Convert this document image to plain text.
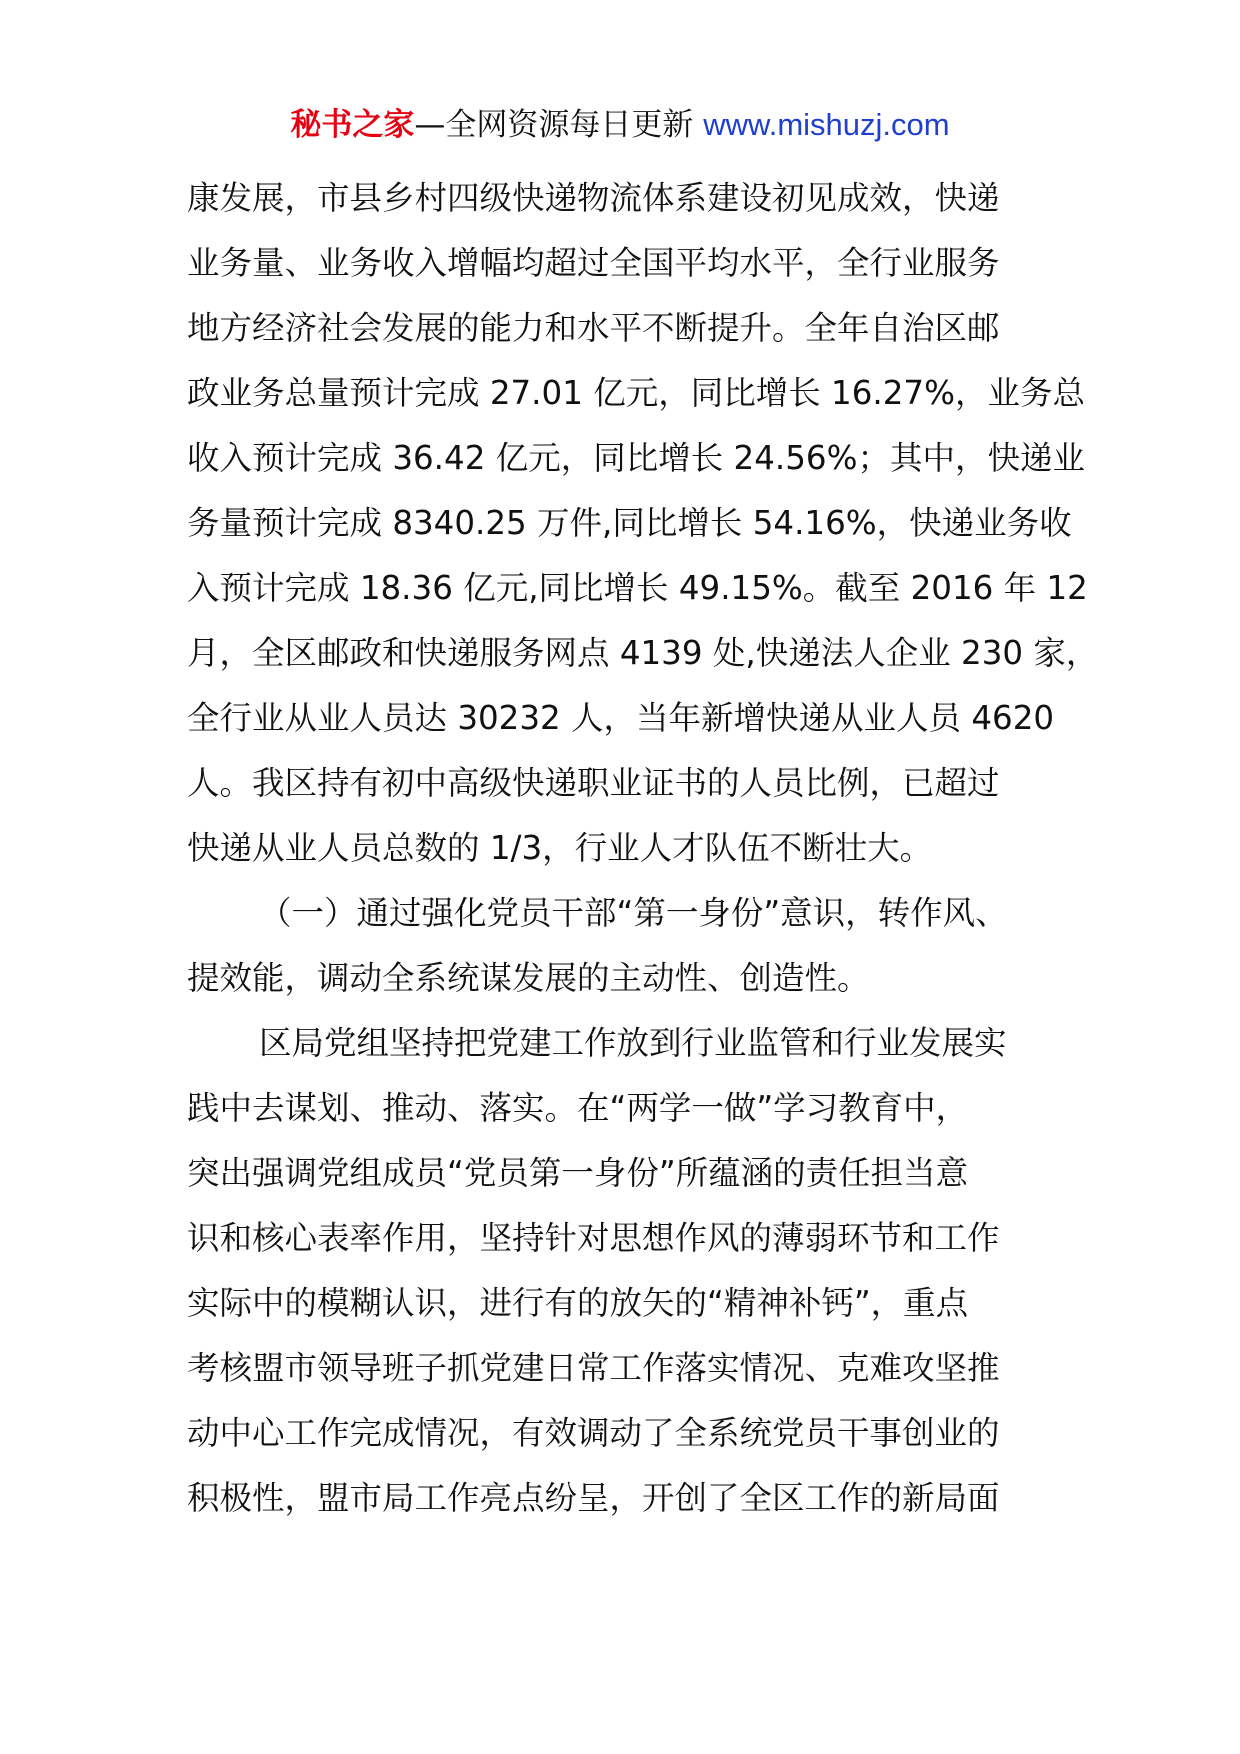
秘书之家—全网资源每日更新 www.mishuzj.com
康发展，市县乡村四级快递物流体系建设初见成效，快递
业务量、业务收入增幅均超过全国平均水平，全行业服务
地方经济社会发展的能力和水平不断提升。全年自治区邮
政业务总量预计完成 27.01 亿元，同比增长 16.27%，业务总
收入预计完成 36.42 亿元，同比增长 24.56%；其中，快递业
务量预计完成 8340.25 万件,同比增长 54.16%，快递业务收
入预计完成 18.36 亿元,同比增长 49.15%。截至 2016 年 12
月，全区邮政和快递服务网点 4139 处,快递法人企业 230 家，
全行业从业人员达 30232 人，当年新增快递从业人员 4620
人。我区持有初中高级快递职业证书的人员比例，已超过
快递从业人员总数的 1/3，行业人才队伍不断壮大。
（一）通过强化党员干部“第一身份”意识，转作风、
提效能，调动全系统谋发展的主动性、创造性。
区局党组坚持把党建工作放到行业监管和行业发展实
践中去谋划、推动、落实。在“两学一做”学习教育中，
突出强调党组成员“党员第一身份”所蕴涵的责任担当意
识和核心表率作用，坚持针对思想作风的薄弱环节和工作
实际中的模糊认识，进行有的放矢的“精神补钙”，重点
考核盟市领导班子抓党建日常工作落实情况、克难攻坚推
动中心工作完成情况，有效调动了全系统党员干事创业的
积极性，盟市局工作亮点纷呈，开创了全区工作的新局面
